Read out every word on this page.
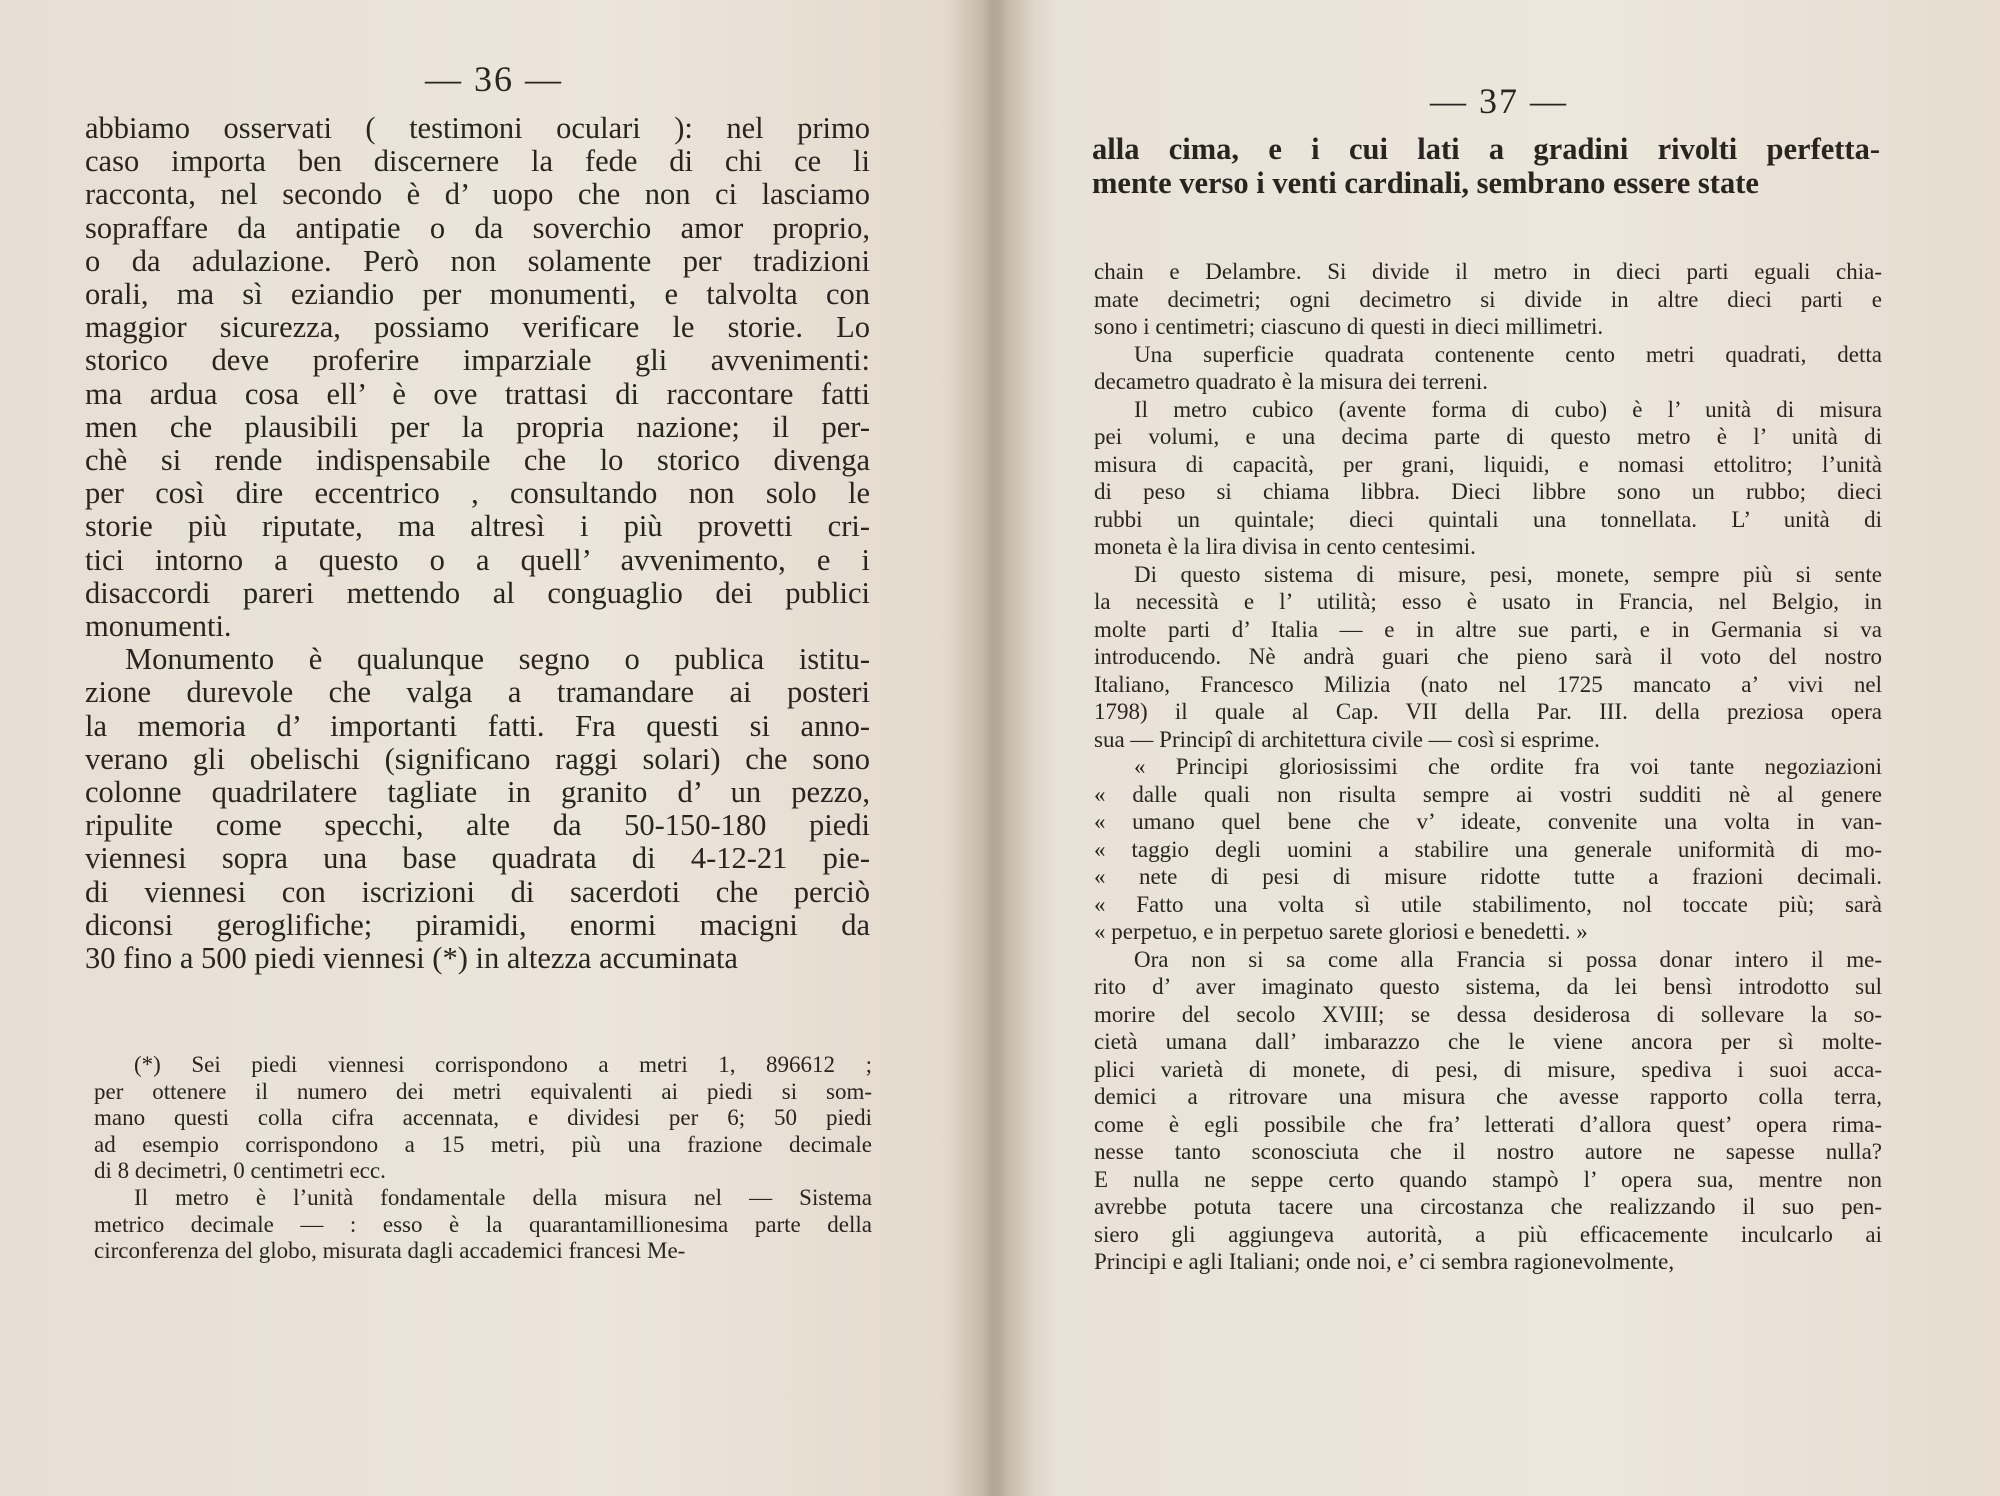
— 36 —
abbiamo osservati ( testimoni oculari ): nel primo
caso importa ben discernere la fede di chi ce li
racconta, nel secondo è d’ uopo che non ci lasciamo
sopraffare da antipatie o da soverchio amor proprio,
o da adulazione. Però non solamente per tradizioni
orali, ma sì eziandio per monumenti, e talvolta con
maggior sicurezza, possiamo verificare le storie. Lo
storico deve proferire imparziale gli avvenimenti:
ma ardua cosa ell’ è ove trattasi di raccontare fatti
men che plausibili per la propria nazione; il per-
chè si rende indispensabile che lo storico divenga
per così dire eccentrico , consultando non solo le
storie più riputate, ma altresì i più provetti cri-
tici intorno a questo o a quell’ avvenimento, e i
disaccordi pareri mettendo al conguaglio dei publici
monumenti.
Monumento è qualunque segno o publica istitu-
zione durevole che valga a tramandare ai posteri
la memoria d’ importanti fatti. Fra questi si anno-
verano gli obelischi (significano raggi solari) che sono
colonne quadrilatere tagliate in granito d’ un pezzo,
ripulite come specchi, alte da 50-150-180 piedi
viennesi sopra una base quadrata di 4-12-21 pie-
di viennesi con iscrizioni di sacerdoti che perciò
diconsi geroglifiche; piramidi, enormi macigni da
30 fino a 500 piedi viennesi (*) in altezza accuminata
(*) Sei piedi viennesi corrispondono a metri 1, 896612 ;
per ottenere il numero dei metri equivalenti ai piedi si som-
mano questi colla cifra accennata, e dividesi per 6; 50 piedi
ad esempio corrispondono a 15 metri, più una frazione decimale
di 8 decimetri, 0 centimetri ecc.
Il metro è l’unità fondamentale della misura nel — Sistema
metrico decimale — : esso è la quarantamillionesima parte della
circonferenza del globo, misurata dagli accademici francesi Me-
— 37 —
alla cima, e i cui lati a gradini rivolti perfetta-
mente verso i venti cardinali, sembrano essere state
chain e Delambre. Si divide il metro in dieci parti eguali chia-
mate decimetri; ogni decimetro si divide in altre dieci parti e
sono i centimetri; ciascuno di questi in dieci millimetri.
Una superficie quadrata contenente cento metri quadrati, detta
decametro quadrato è la misura dei terreni.
Il metro cubico (avente forma di cubo) è l’ unità di misura
pei volumi, e una decima parte di questo metro è l’ unità di
misura di capacità, per grani, liquidi, e nomasi ettolitro; l’unità
di peso si chiama libbra. Dieci libbre sono un rubbo; dieci
rubbi un quintale; dieci quintali una tonnellata. L’ unità di
moneta è la lira divisa in cento centesimi.
Di questo sistema di misure, pesi, monete, sempre più si sente
la necessità e l’ utilità; esso è usato in Francia, nel Belgio, in
molte parti d’ Italia — e in altre sue parti, e in Germania si va
introducendo. Nè andrà guari che pieno sarà il voto del nostro
Italiano, Francesco Milizia (nato nel 1725 mancato a’ vivi nel
1798) il quale al Cap. VII della Par. III. della preziosa opera
sua — Principî di architettura civile — così si esprime.
« Principi gloriosissimi che ordite fra voi tante negoziazioni
« dalle quali non risulta sempre ai vostri sudditi nè al genere
« umano quel bene che v’ ideate, convenite una volta in van-
« taggio degli uomini a stabilire una generale uniformità di mo-
« nete di pesi di misure ridotte tutte a frazioni decimali.
« Fatto una volta sì utile stabilimento, nol toccate più; sarà
« perpetuo, e in perpetuo sarete gloriosi e benedetti. »
Ora non si sa come alla Francia si possa donar intero il me-
rito d’ aver imaginato questo sistema, da lei bensì introdotto sul
morire del secolo XVIII; se dessa desiderosa di sollevare la so-
cietà umana dall’ imbarazzo che le viene ancora per sì molte-
plici varietà di monete, di pesi, di misure, spediva i suoi acca-
demici a ritrovare una misura che avesse rapporto colla terra,
come è egli possibile che fra’ letterati d’allora quest’ opera rima-
nesse tanto sconosciuta che il nostro autore ne sapesse nulla?
E nulla ne seppe certo quando stampò l’ opera sua, mentre non
avrebbe potuta tacere una circostanza che realizzando il suo pen-
siero gli aggiungeva autorità, a più efficacemente inculcarlo ai
Principi e agli Italiani; onde noi, e’ ci sembra ragionevolmente,
